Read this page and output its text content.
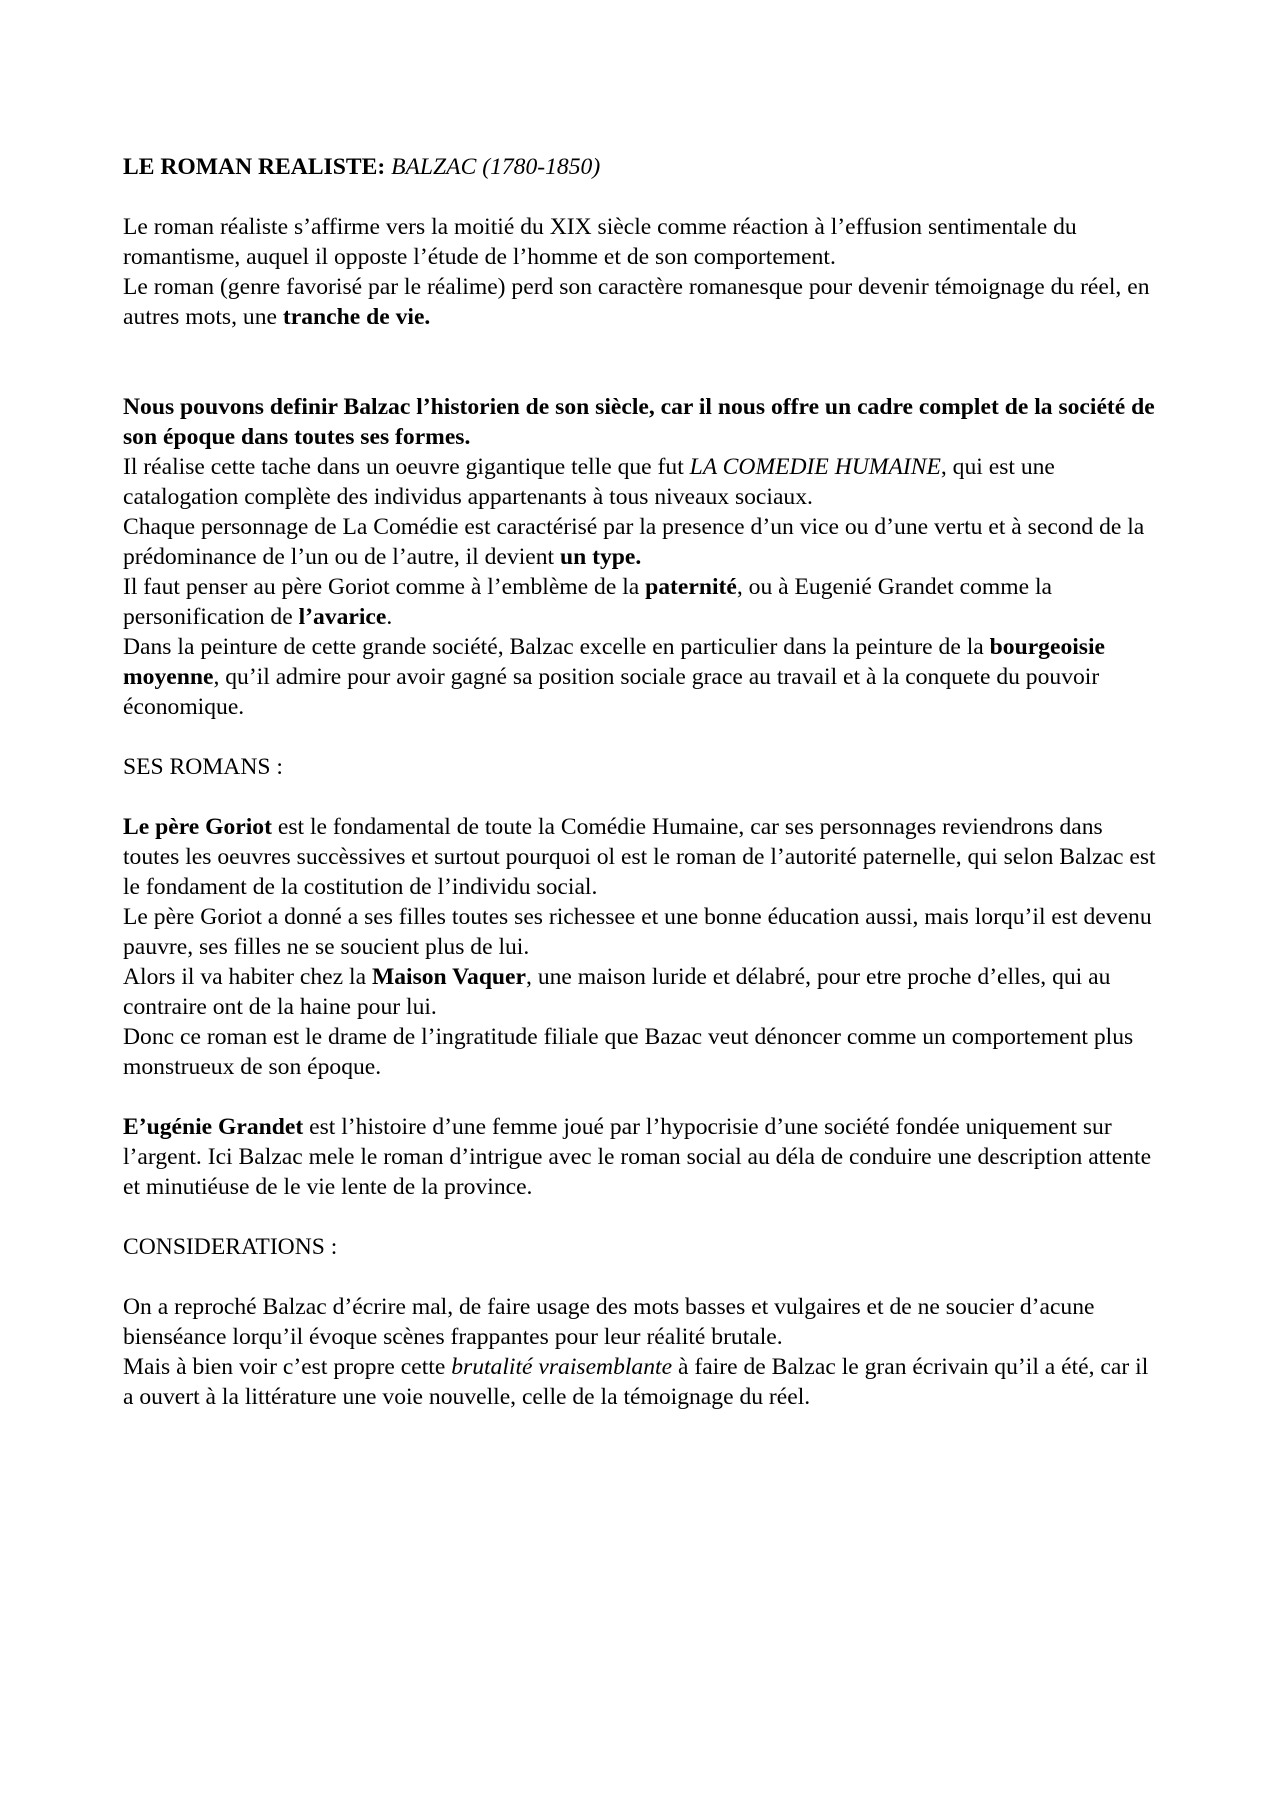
LE ROMAN REALISTE: BALZAC (1780-1850)

Le roman réaliste s’affirme vers la moitié du XIX siècle comme réaction à l’effusion sentimentale du romantisme, auquel il opposte l’étude de l’homme et de son comportement.

Le roman (genre favorisé par le réalime) perd son caractère romanesque pour devenir témoignage du réel, en autres mots, une tranche de vie.

Nous pouvons definir Balzac l’historien de son siècle, car il nous offre un cadre complet de la société de son époque dans toutes ses formes.

Il réalise cette tache dans un oeuvre gigantique telle que fut LA COMEDIE HUMAINE, qui est une catalogation complète des individus appartenants à tous niveaux sociaux.

Chaque personnage de La Comédie est caractérisé par la presence d’un vice ou d’une vertu et à second de la prédominance de l’un ou de l’autre, il devient un type.

Il faut penser au père Goriot comme à l’emblème de la paternité, ou à Eugenié Grandet comme la personification de l’avarice.

Dans la peinture de cette grande société, Balzac excelle en particulier dans la peinture de la bourgeoisie moyenne, qu’il admire pour avoir gagné sa position sociale grace au travail et à la conquete du pouvoir économique.

SES ROMANS :

Le père Goriot est le fondamental de toute la Comédie Humaine, car ses personnages reviendrons dans toutes les oeuvres succèssives et surtout pourquoi ol est le roman de l’autorité paternelle, qui selon Balzac est le fondament de la costitution de l’individu social.

Le père Goriot a donné a ses filles toutes ses richessee et une bonne éducation aussi, mais lorqu’il est devenu pauvre, ses filles ne se soucient plus de lui.

Alors il va habiter chez la Maison Vaquer, une maison luride et délabré, pour etre proche d’elles, qui au contraire ont de la haine pour lui.

Donc ce roman est le drame de l’ingratitude filiale que Bazac veut dénoncer comme un comportement plus monstrueux de son époque.

E’ugénie Grandet est l’histoire d’une femme joué par l’hypocrisie d’une société fondée uniquement sur l’argent. Ici Balzac mele le roman d’intrigue avec le roman social au déla de conduire une description attente et minutiéuse de le vie lente de la province.

CONSIDERATIONS :

On a reproché Balzac d’écrire mal, de faire usage des mots basses et vulgaires et de ne soucier d’acune bienséance lorqu’il évoque scènes frappantes pour leur réalité brutale.

Mais à bien voir c’est propre cette brutalité vraisemblante à faire de Balzac le gran écrivain qu’il a été, car il a ouvert à la littérature une voie nouvelle, celle de la témoignage du réel.
